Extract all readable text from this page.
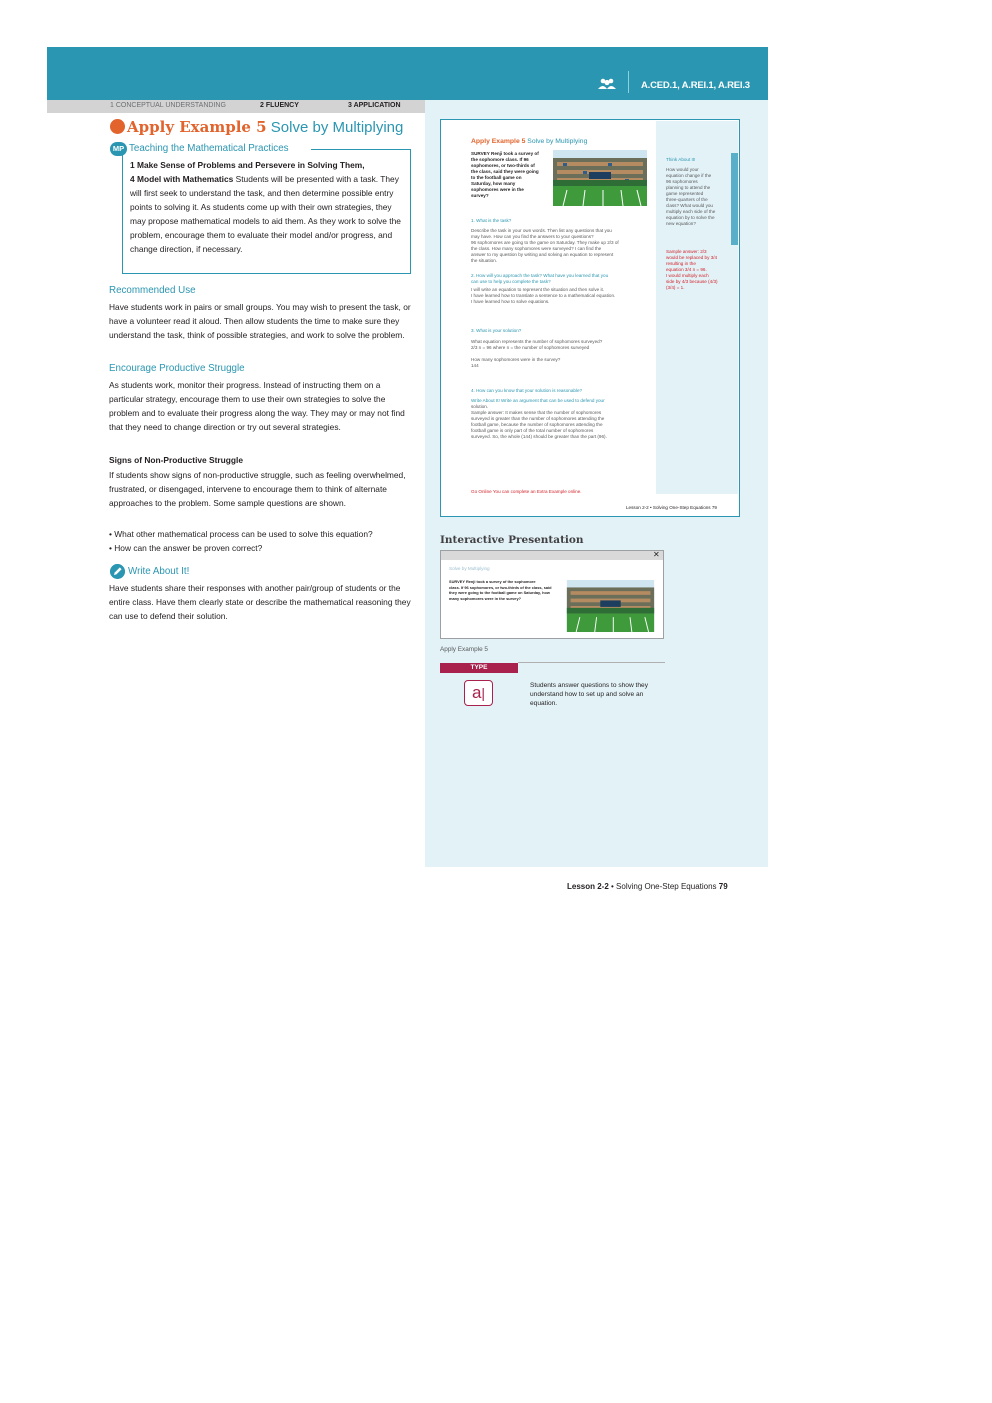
A.CED.1, A.REI.1, A.REI.3
1 CONCEPTUAL UNDERSTANDING	2 FLUENCY	3 APPLICATION
Apply Example 5 Solve by Multiplying
MP Teaching the Mathematical Practices
1 Make Sense of Problems and Persevere in Solving Them,
4 Model with Mathematics Students will be presented with a task. They will first seek to understand the task, and then determine possible entry points to solving it. As students come up with their own strategies, they may propose mathematical models to aid them. As they work to solve the problem, encourage them to evaluate their model and/or progress, and change direction, if necessary.
Recommended Use
Have students work in pairs or small groups. You may wish to present the task, or have a volunteer read it aloud. Then allow students the time to make sure they understand the task, think of possible strategies, and work to solve the problem.
Encourage Productive Struggle
As students work, monitor their progress. Instead of instructing them on a particular strategy, encourage them to use their own strategies to solve the problem and to evaluate their progress along the way. They may or may not find that they need to change direction or try out several strategies.
Signs of Non-Productive Struggle
If students show signs of non-productive struggle, such as feeling overwhelmed, frustrated, or disengaged, intervene to encourage them to think of alternate approaches to the problem. Some sample questions are shown.
• What other mathematical process can be used to solve this equation?
• How can the answer be proven correct?
Write About It!
Have students share their responses with another pair/group of students or the entire class. Have them clearly state or describe the mathematical reasoning they can use to defend their solution.
Apply Example 5 Solve by Multiplying
SURVEY Renji took a survey of
the sophomore class. If 96
sophomores, or two-thirds of
the class, said they were going
to the football game on
Saturday, how many
sophomores were in the
survey?
1. What is the task?
Describe the task in your own words. Then list any questions that you
may have. How can you find the answers to your questions?
96 sophomores are going to the game on Saturday. They make up 2/3 of
the class. How many sophomores were surveyed? I can find the
answer to my question by writing and solving an equation to represent
the situation.
2. How will you approach the task? What have you learned that you
can use to help you complete the task?
I will write an equation to represent the situation and then solve it.
I have learned how to translate a sentence to a mathematical equation.
I have learned how to solve equations.
3. What is your solution?
What equation represents the number of sophomores surveyed?
2/3 n = 96 where n = the number of sophomores surveyed
How many sophomores were in the survey?
144
4. How can you know that your solution is reasonable?
Write About It! Write an argument that can be used to defend your
solution.
Sample answer: It makes sense that the number of sophomores
surveyed is greater than the number of sophomores attending the
football game, because the number of sophomores attending the
football game is only part of the total number of sophomores
surveyed. So, the whole (144) should be greater than the part (96).
Go Online You can complete an Extra Example online.
Lesson 2-2 • Solving One-Step Equations 79
Think About It!
How would your
equation change if the
96 sophomores
planning to attend the
game represented
three-quarters of the
class? What would you
multiply each side of the
equation by to solve the
new equation?
Sample answer: 2/3
would be replaced by 3/4
resulting in the
equation 3/4 n = 96.
I would multiply each
side by 4/3 because (4/3)
(3/4) = 1.
Interactive Presentation
✕
Solve by Multiplying
SURVEY Renji took a survey of the sophomore
class. If 96 sophomores, or two-thirds of the class, said
they were going to the football game on Saturday, how
many sophomores were in the survey?
Apply Example 5
TYPE
a|	Students answer questions to show they understand how to set up and solve an equation.
Lesson 2-2 • Solving One-Step Equations 79
